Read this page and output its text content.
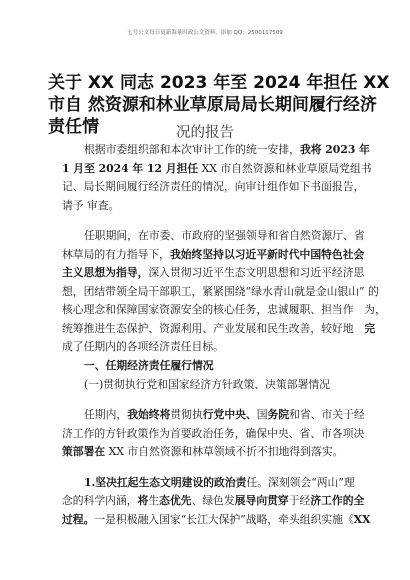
七号公文每日更新海量时政公文资料，添加 QQ：2500117509
关于 XX 同志 2023 年至 2024 年担任 XX
市自 然资源和林业草原局局长期间履行经济
责任情	况的报告
根据市委组织部和本次审计工作的统一安排，我将 2023 年
1 月至 2024 年 12 月担任 XX 市自然资源和林业草原局党组书
记、局长期间履行经济责任的情况，向审计组作如下书面报告，
请予 审查。
任职期间，在市委、市政府的坚强领导和省自然资源厅、省
林草局的有力指导下，我始终坚持以习近平新时代中国特色社会
主义思想为指导，深入贯彻习近平生态文明思想和习近平经济思
想，团结带领全局干部职工，紧紧围绕“绿水青山就是金山银山” 的
核心理念和保障国家资源安全的核心任务，忠诚履职、担当作　为，
统筹推进生态保护、资源利用、产业发展和民生改善，较好地　完
成了任期内的各项经济责任目标。
一、任期经济责任履行情况
(一)贯彻执行党和国家经济方针政策、决策部署情况
任期内，我始终将贯彻执行党中央、国务院和省、市关于经
济工作的方针政策作为首要政治任务，确保中央、省、市各项决
策部署在 XX 市自然资源和林草领域不折不扣地得到落实。
1.坚决扛起生态文明建设的政治责任。深刻领会“两山”理
念的科学内涵，将生态优先、绿色发展导向贯穿于经济工作的全
过程。一是积极融入国家“长江大保护”战略，牵头组织实施《XX
